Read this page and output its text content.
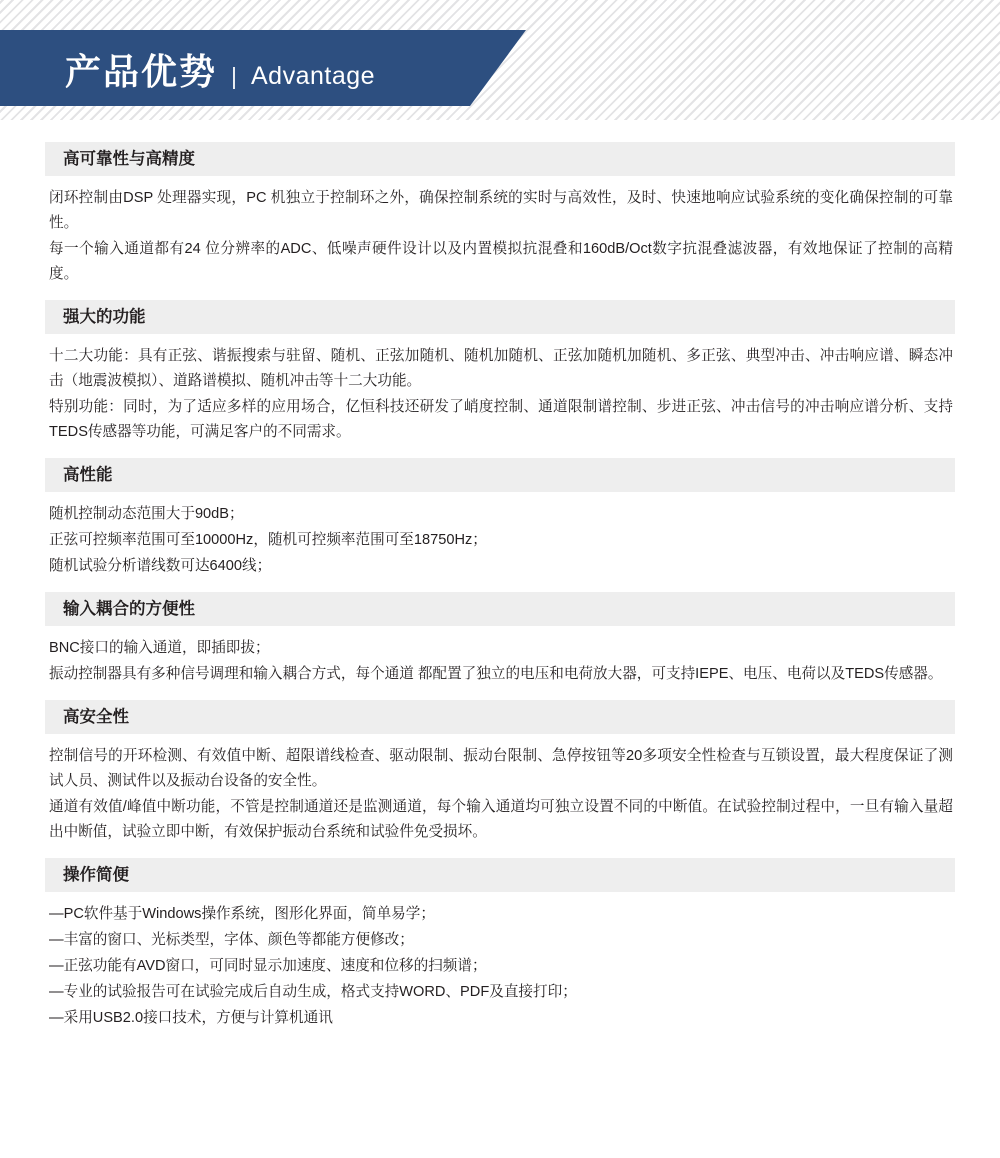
产品优势 | Advantage
高可靠性与高精度

闭环控制由DSP 处理器实现，PC 机独立于控制环之外，确保控制系统的实时与高效性，及时、快速地响应试验系统的变化确保控制的可靠性。

每一个输入通道都有24 位分辨率的ADC、低噪声硬件设计以及内置模拟抗混叠和160dB/Oct数字抗混叠滤波器，有效地保证了控制的高精度。

强大的功能

十二大功能：具有正弦、谐振搜索与驻留、随机、正弦加随机、随机加随机、正弦加随机加随机、多正弦、典型冲击、冲击响应谱、瞬态冲击（地震波模拟）、道路谱模拟、随机冲击等十二大功能。

特别功能：同时，为了适应多样的应用场合，亿恒科技还研发了峭度控制、通道限制谱控制、步进正弦、冲击信号的冲击响应谱分析、支持TEDS传感器等功能，可满足客户的不同需求。

高性能

随机控制动态范围大于90dB；

正弦可控频率范围可至10000Hz，随机可控频率范围可至18750Hz；

随机试验分析谱线数可达6400线；

输入耦合的方便性

BNC接口的输入通道，即插即拔；

振动控制器具有多种信号调理和输入耦合方式，每个通道 都配置了独立的电压和电荷放大器，可支持IEPE、电压、电荷以及TEDS传感器。

高安全性

控制信号的开环检测、有效值中断、超限谱线检查、驱动限制、振动台限制、急停按钮等20多项安全性检查与互锁设置，最大程度保证了测试人员、测试件以及振动台设备的安全性。

通道有效值/峰值中断功能，不管是控制通道还是监测通道，每个输入通道均可独立设置不同的中断值。在试验控制过程中，一旦有输入量超出中断值，试验立即中断，有效保护振动台系统和试验件免受损坏。

操作简便

—PC软件基于Windows操作系统，图形化界面，简单易学；

—丰富的窗口、光标类型，字体、颜色等都能方便修改；

—正弦功能有AVD窗口，可同时显示加速度、速度和位移的扫频谱；

—专业的试验报告可在试验完成后自动生成，格式支持WORD、PDF及直接打印；

—采用USB2.0接口技术，方便与计算机通讯
